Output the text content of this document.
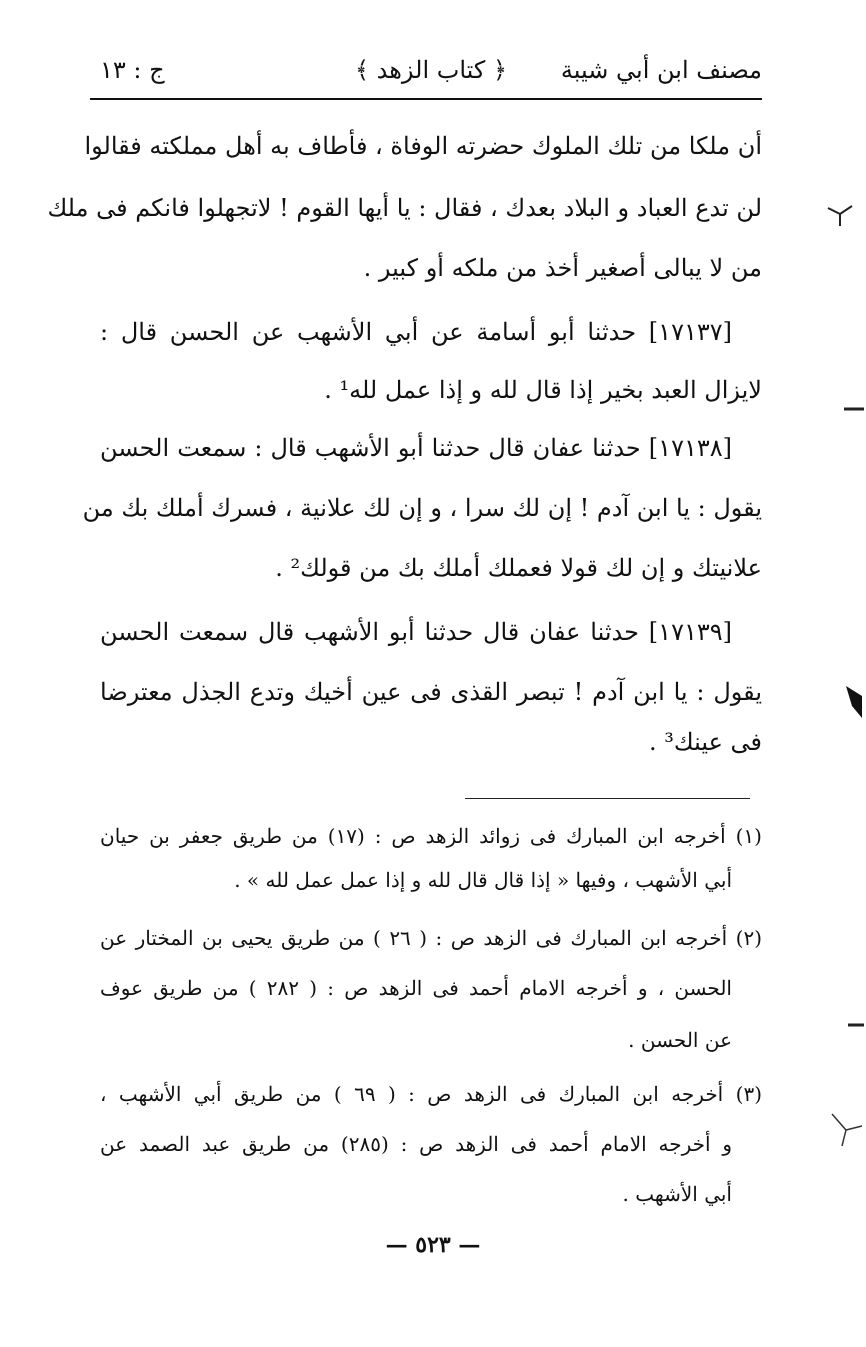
مصنف ابن أبي شيبة
﴿ كتاب الزهد ﴾
ج : ١٣
أن ملكا من تلك الملوك حضرته الوفاة ، فأطاف به أهل مملكته فقالوا
لن تدع العباد و البلاد بعدك ، فقال : يا أيها القوم ! لاتجهلوا فانكم فى ملك
من لا يبالى أصغير أخذ من ملكه أو كبير .
[١٧١٣٧] حدثنا أبو أسامة عن أبي الأشهب عن الحسن قال :
لايزال العبد بخير إذا قال لله و إذا عمل لله¹ .
[١٧١٣٨] حدثنا عفان قال حدثنا أبو الأشهب قال : سمعت الحسن
يقول : يا ابن آدم ! إن لك سرا ، و إن لك علانية ، فسرك أملك بك من
علانيتك و إن لك قولا فعملك أملك بك من قولك² .
[١٧١٣٩] حدثنا عفان قال حدثنا أبو الأشهب قال سمعت الحسن
يقول : يا ابن آدم ! تبصر القذى فى عين أخيك وتدع الجذل معترضا
فى عينك³ .
(١) أخرجه ابن المبارك فى زوائد الزهد ص : (١٧) من طريق جعفر بن حيان
أبي الأشهب ، وفيها « إذا قال قال لله و إذا عمل عمل لله » .
(٢) أخرجه ابن المبارك فى الزهد ص : ( ٢٦ ) من طريق يحيى بن المختار عن
الحسن ، و أخرجه الامام أحمد فى الزهد ص : ( ٢٨٢ ) من طريق عوف
عن الحسن .
(٣) أخرجه ابن المبارك فى الزهد ص : ( ٦٩ ) من طريق أبي الأشهب ،
و أخرجه الامام أحمد فى الزهد ص : (٢٨٥) من طريق عبد الصمد عن
أبي الأشهب .
— ٥٢٣ —
